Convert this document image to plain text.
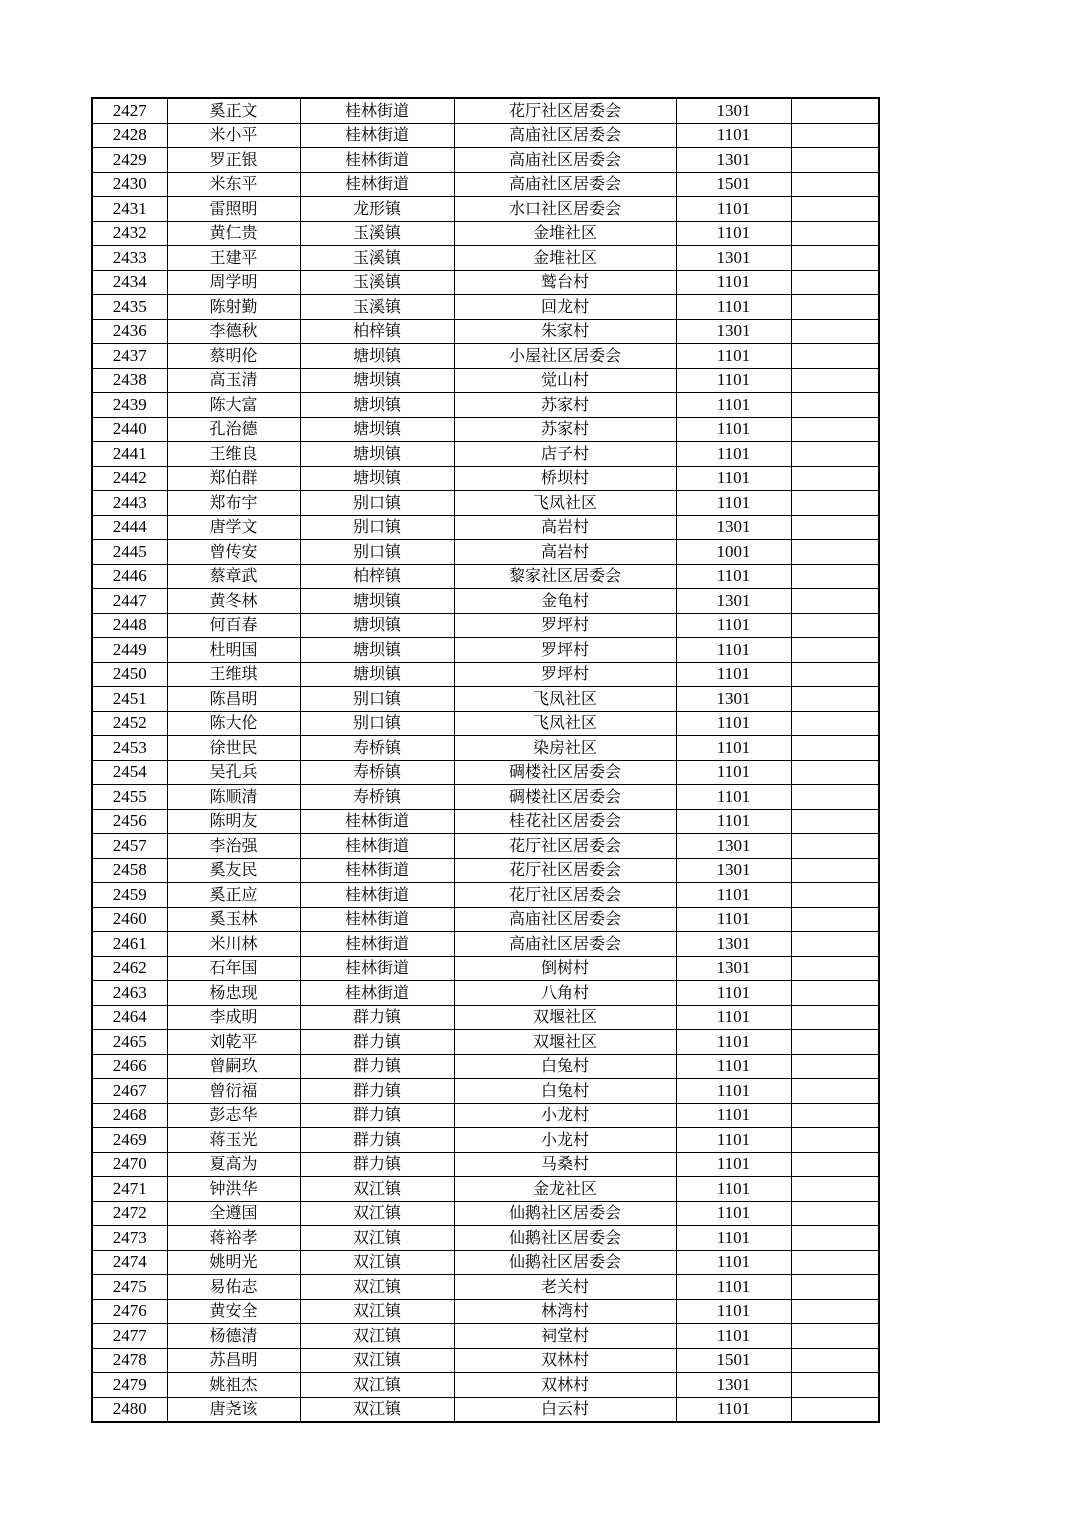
2427	奚正文	桂林街道	花厅社区居委会	1301	
2428	米小平	桂林街道	高庙社区居委会	1101	
2429	罗正银	桂林街道	高庙社区居委会	1301	
2430	米东平	桂林街道	高庙社区居委会	1501	
2431	雷照明	龙形镇	水口社区居委会	1101	
2432	黄仁贵	玉溪镇	金堆社区	1101	
2433	王建平	玉溪镇	金堆社区	1301	
2434	周学明	玉溪镇	鹫台村	1101	
2435	陈射勤	玉溪镇	回龙村	1101	
2436	李德秋	柏梓镇	朱家村	1301	
2437	蔡明伦	塘坝镇	小屋社区居委会	1101	
2438	高玉清	塘坝镇	觉山村	1101	
2439	陈大富	塘坝镇	苏家村	1101	
2440	孔治德	塘坝镇	苏家村	1101	
2441	王维良	塘坝镇	店子村	1101	
2442	郑伯群	塘坝镇	桥坝村	1101	
2443	郑布宇	别口镇	飞凤社区	1101	
2444	唐学文	别口镇	高岩村	1301	
2445	曾传安	别口镇	高岩村	1001	
2446	蔡章武	柏梓镇	黎家社区居委会	1101	
2447	黄冬林	塘坝镇	金龟村	1301	
2448	何百春	塘坝镇	罗坪村	1101	
2449	杜明国	塘坝镇	罗坪村	1101	
2450	王维琪	塘坝镇	罗坪村	1101	
2451	陈昌明	别口镇	飞凤社区	1301	
2452	陈大伦	别口镇	飞凤社区	1101	
2453	徐世民	寿桥镇	染房社区	1101	
2454	吴孔兵	寿桥镇	碉楼社区居委会	1101	
2455	陈顺清	寿桥镇	碉楼社区居委会	1101	
2456	陈明友	桂林街道	桂花社区居委会	1101	
2457	李治强	桂林街道	花厅社区居委会	1301	
2458	奚友民	桂林街道	花厅社区居委会	1301	
2459	奚正应	桂林街道	花厅社区居委会	1101	
2460	奚玉林	桂林街道	高庙社区居委会	1101	
2461	米川林	桂林街道	高庙社区居委会	1301	
2462	石年国	桂林街道	倒树村	1301	
2463	杨忠现	桂林街道	八角村	1101	
2464	李成明	群力镇	双堰社区	1101	
2465	刘乾平	群力镇	双堰社区	1101	
2466	曾嗣玖	群力镇	白兔村	1101	
2467	曾衍福	群力镇	白兔村	1101	
2468	彭志华	群力镇	小龙村	1101	
2469	蒋玉光	群力镇	小龙村	1101	
2470	夏高为	群力镇	马桑村	1101	
2471	钟洪华	双江镇	金龙社区	1101	
2472	全遵国	双江镇	仙鹅社区居委会	1101	
2473	蒋裕孝	双江镇	仙鹅社区居委会	1101	
2474	姚明光	双江镇	仙鹅社区居委会	1101	
2475	易佑志	双江镇	老关村	1101	
2476	黄安全	双江镇	林湾村	1101	
2477	杨德清	双江镇	祠堂村	1101	
2478	苏昌明	双江镇	双林村	1501	
2479	姚祖杰	双江镇	双林村	1301	
2480	唐尧该	双江镇	白云村	1101	
